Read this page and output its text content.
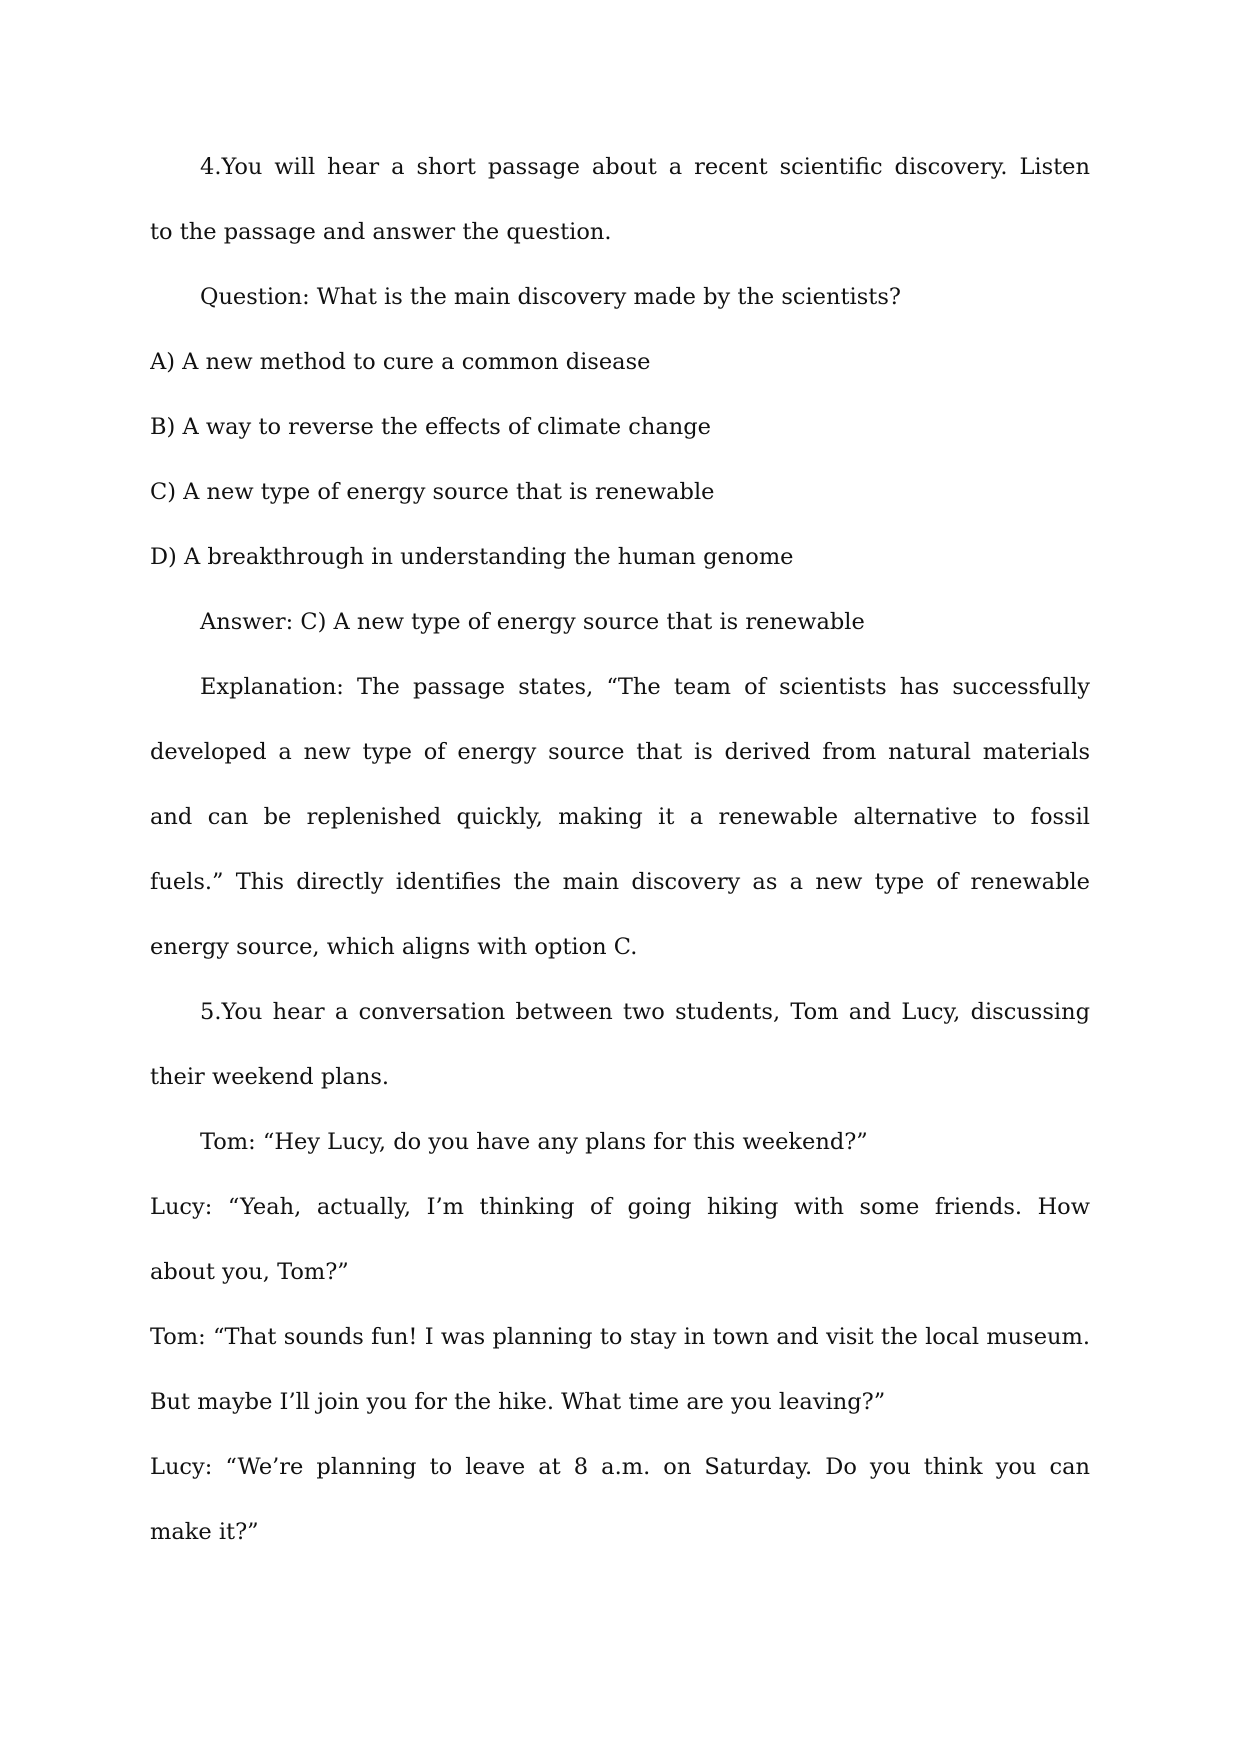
4.You will hear a short passage about a recent scientific discovery. Listen
to the passage and answer the question.
Question: What is the main discovery made by the scientists?
A) A new method to cure a common disease
B) A way to reverse the effects of climate change
C) A new type of energy source that is renewable
D) A breakthrough in understanding the human genome
Answer: C) A new type of energy source that is renewable
Explanation: The passage states, “The team of scientists has successfully
developed a new type of energy source that is derived from natural materials
and can be replenished quickly, making it a renewable alternative to fossil
fuels.” This directly identifies the main discovery as a new type of renewable
energy source, which aligns with option C.
5.You hear a conversation between two students, Tom and Lucy, discussing
their weekend plans.
Tom: “Hey Lucy, do you have any plans for this weekend?”
Lucy: “Yeah, actually, I’m thinking of going hiking with some friends. How
about you, Tom?”
Tom: “That sounds fun! I was planning to stay in town and visit the local museum.
But maybe I’ll join you for the hike. What time are you leaving?”
Lucy: “We’re planning to leave at 8 a.m. on Saturday. Do you think you can
make it?”
